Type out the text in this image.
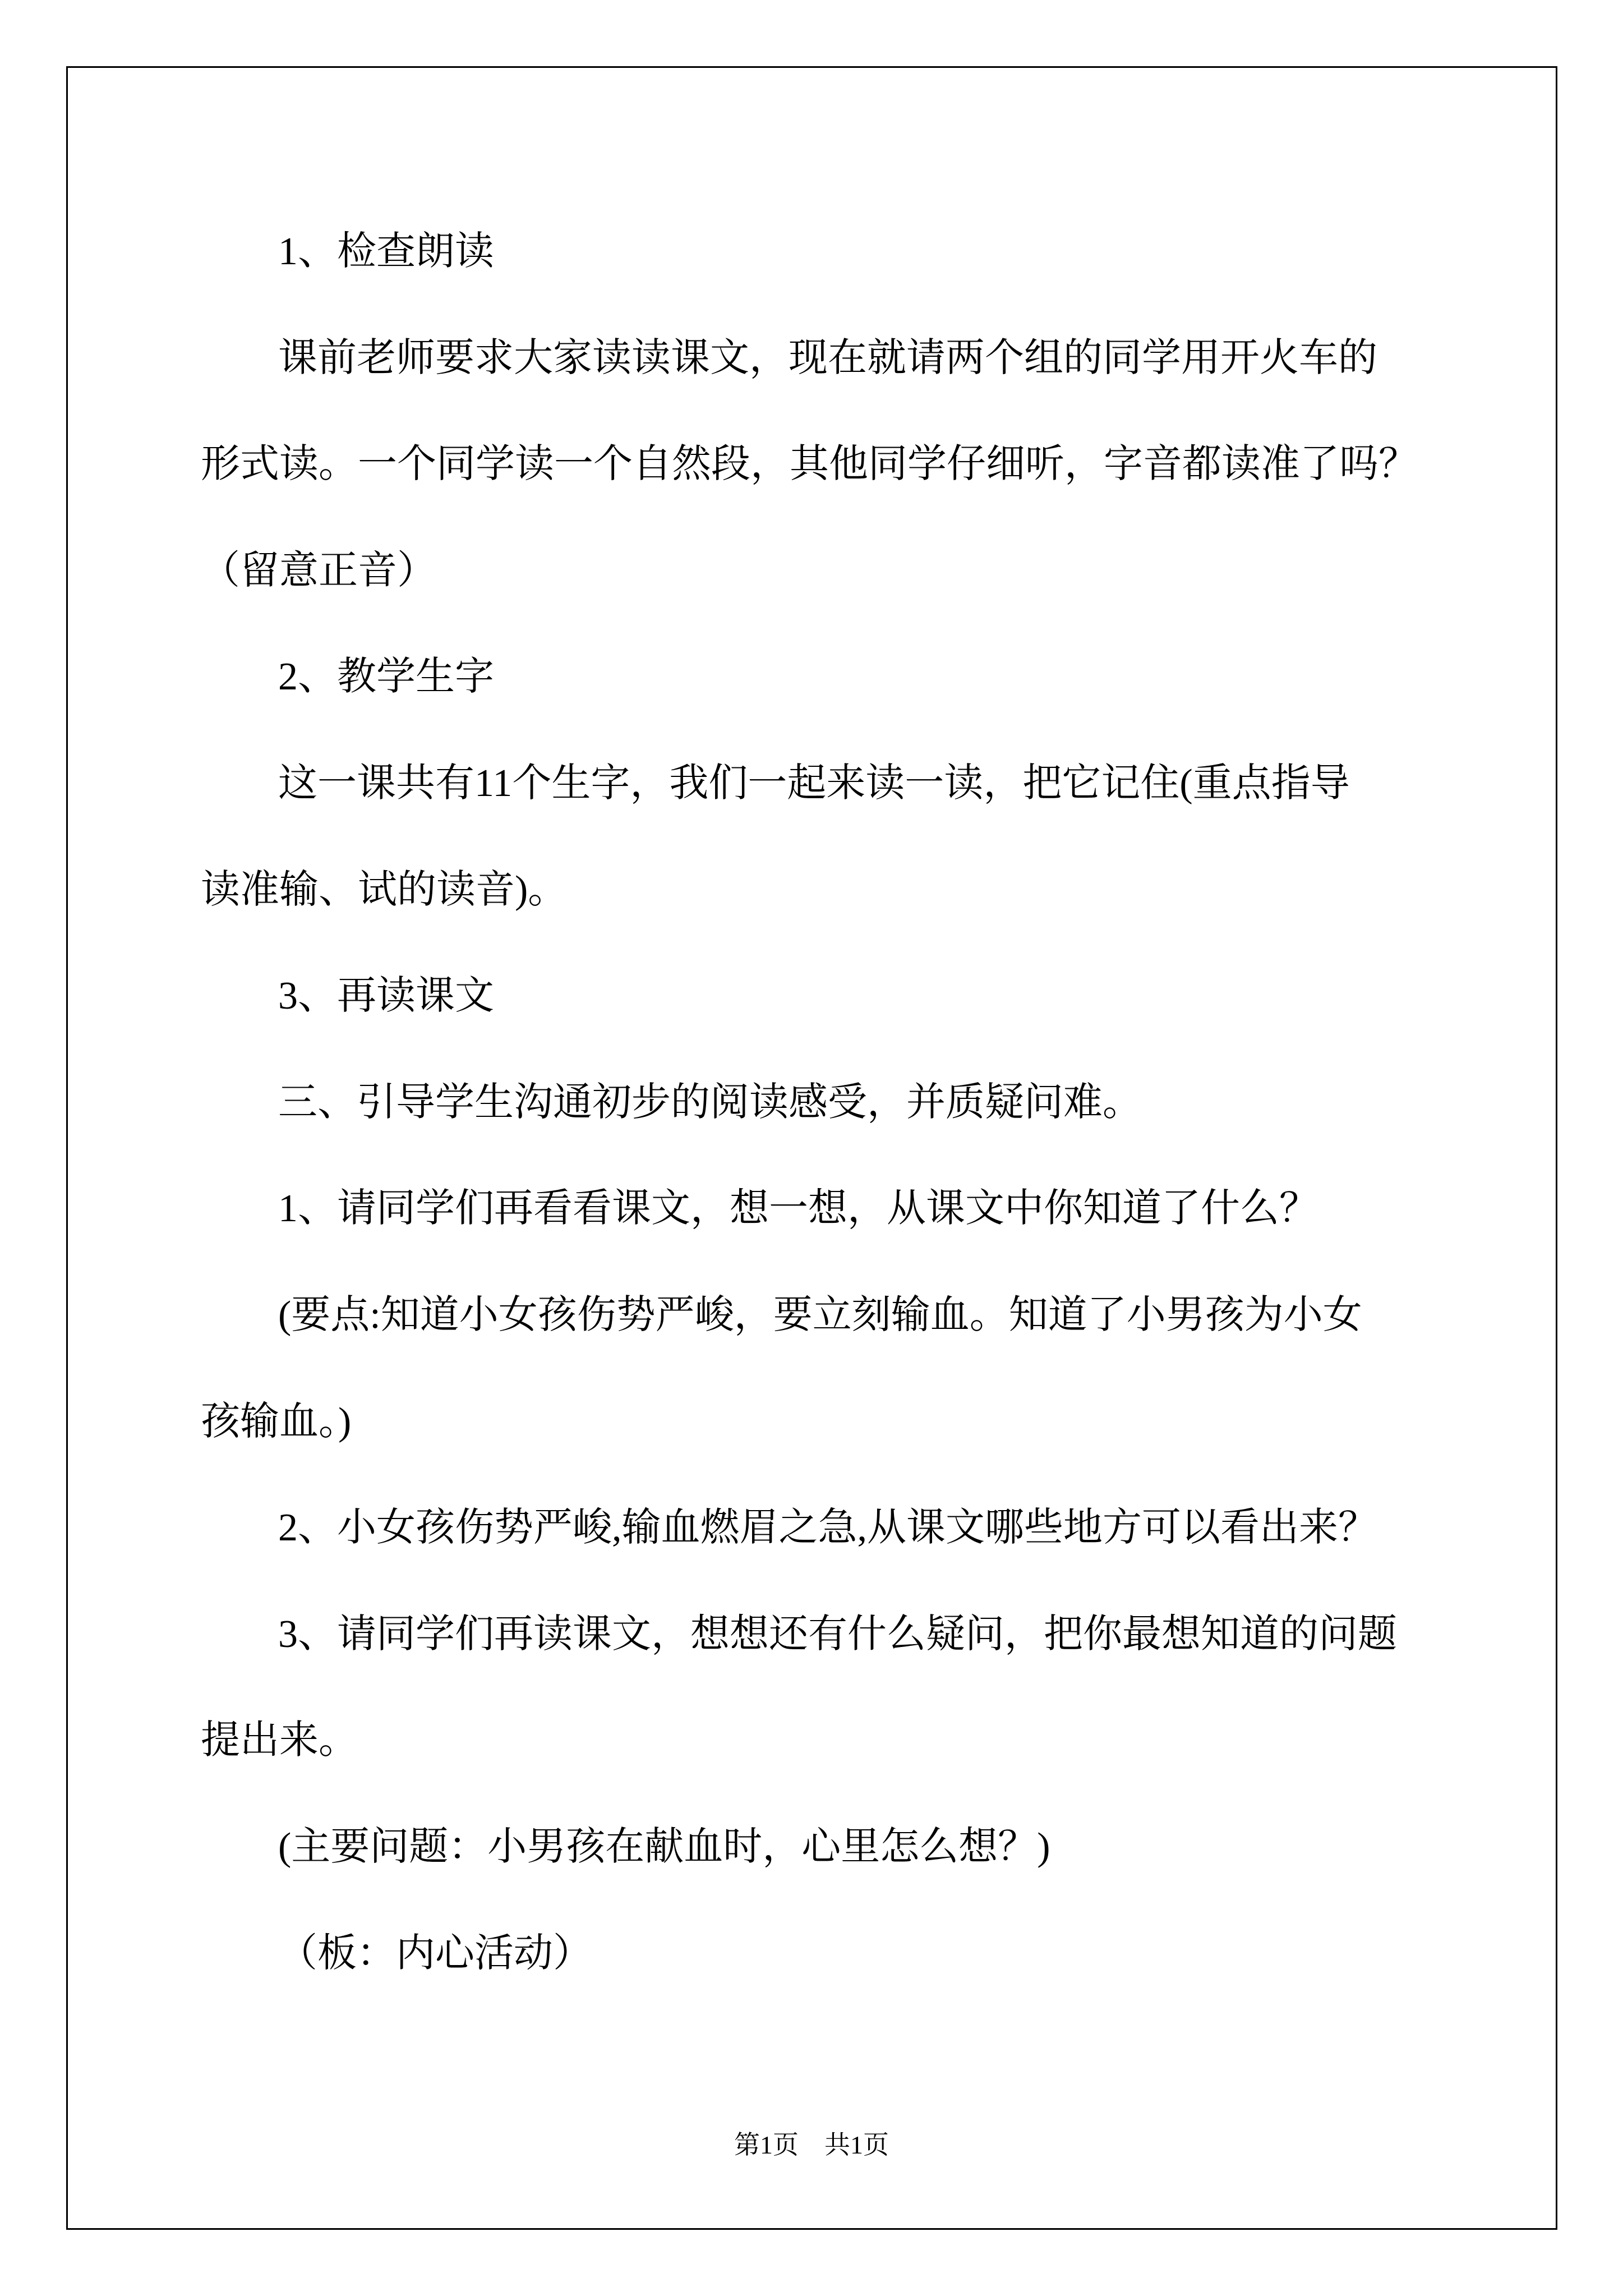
1、检查朗读
课前老师要求大家读读课文，现在就请两个组的同学用开火车的
形式读。一个同学读一个自然段，其他同学仔细听，字音都读准了吗？
（留意正音）
2、教学生字
这一课共有11个生字，我们一起来读一读，把它记住(重点指导
读准输、试的读音)。
3、再读课文
三、引导学生沟通初步的阅读感受，并质疑问难。
1、请同学们再看看课文，想一想，从课文中你知道了什么？
(要点:知道小女孩伤势严峻，要立刻输血。知道了小男孩为小女
孩输血。)
2、小女孩伤势严峻,输血燃眉之急,从课文哪些地方可以看出来？
3、请同学们再读课文，想想还有什么疑问，把你最想知道的问题
提出来。
(主要问题：小男孩在献血时，心里怎么想？)
（板：内心活动）
第1页　共1页
